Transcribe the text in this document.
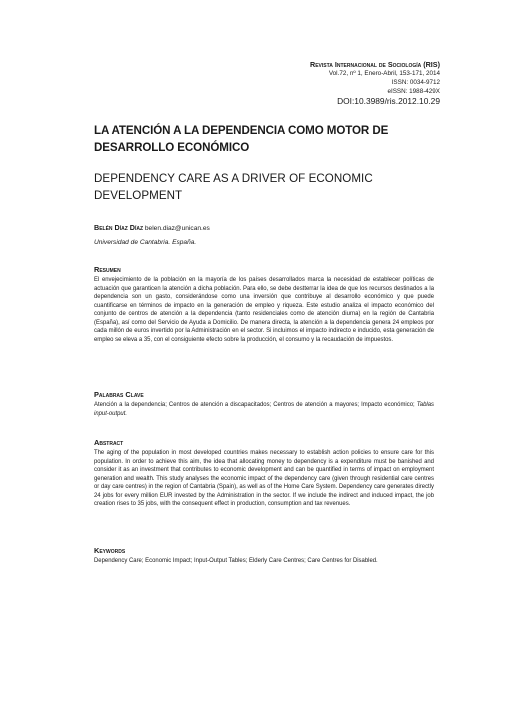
Revista Internacional de Sociología (RIS)
Vol.72, nº 1, Enero-Abril, 153-171, 2014
ISSN: 0034-9712
eISSN: 1988-429X
DOI:10.3989/ris.2012.10.29
LA ATENCIÓN A LA DEPENDENCIA COMO MOTOR DE DESARROLLO ECONÓMICO
DEPENDENCY CARE AS A DRIVER OF ECONOMIC DEVELOPMENT
Belén Díaz Díaz belen.diaz@unican.es
Universidad de Cantabria. España.
Resumen
El envejecimiento de la población en la mayoría de los países desarrollados marca la necesidad de establecer políticas de actuación que garanticen la atención a dicha población. Para ello, se debe destterrar la idea de que los recursos destinados a la dependencia son un gasto, considerándose como una inversión que contribuye al desarrollo económico y que puede cuantificarse en términos de impacto en la generación de empleo y riqueza. Este estudio analiza el impacto económico del conjunto de centros de atención a la dependencia (tanto residenciales como de atención diurna) en la región de Cantabria (España), así como del Servicio de Ayuda a Domicilio. De manera directa, la atención a la dependencia genera 24 empleos por cada millón de euros invertido por la Administración en el sector. Si incluimos el impacto indirecto e inducido, esta generación de empleo se eleva a 35, con el consiguiente efecto sobre la producción, el consumo y la recaudación de impuestos.
Palabras Clave
Atención a la dependencia; Centros de atención a discapacitados; Centros de atención a mayores; Impacto económico; Tablas input-output.
Abstract
The aging of the population in most developed countries makes necessary to establish action policies to ensure care for this population. In order to achieve this aim, the idea that allocating money to dependency is a expenditure must be banished and consider it as an investment that contributes to economic development and can be quantified in terms of impact on employment generation and wealth. This study analyses the economic impact of the dependency care (given through residential care centres or day care centres) in the region of Cantabria (Spain), as well as of the Home Care System. Dependency care generates directly 24 jobs for every million EUR invested by the Administration in the sector. If we include the indirect and induced impact, the job creation rises to 35 jobs, with the consequent effect in production, consumption and tax revenues.
Keywords
Dependency Care; Economic Impact; Input-Output Tables; Elderly Care Centres; Care Centres for Disabled.
